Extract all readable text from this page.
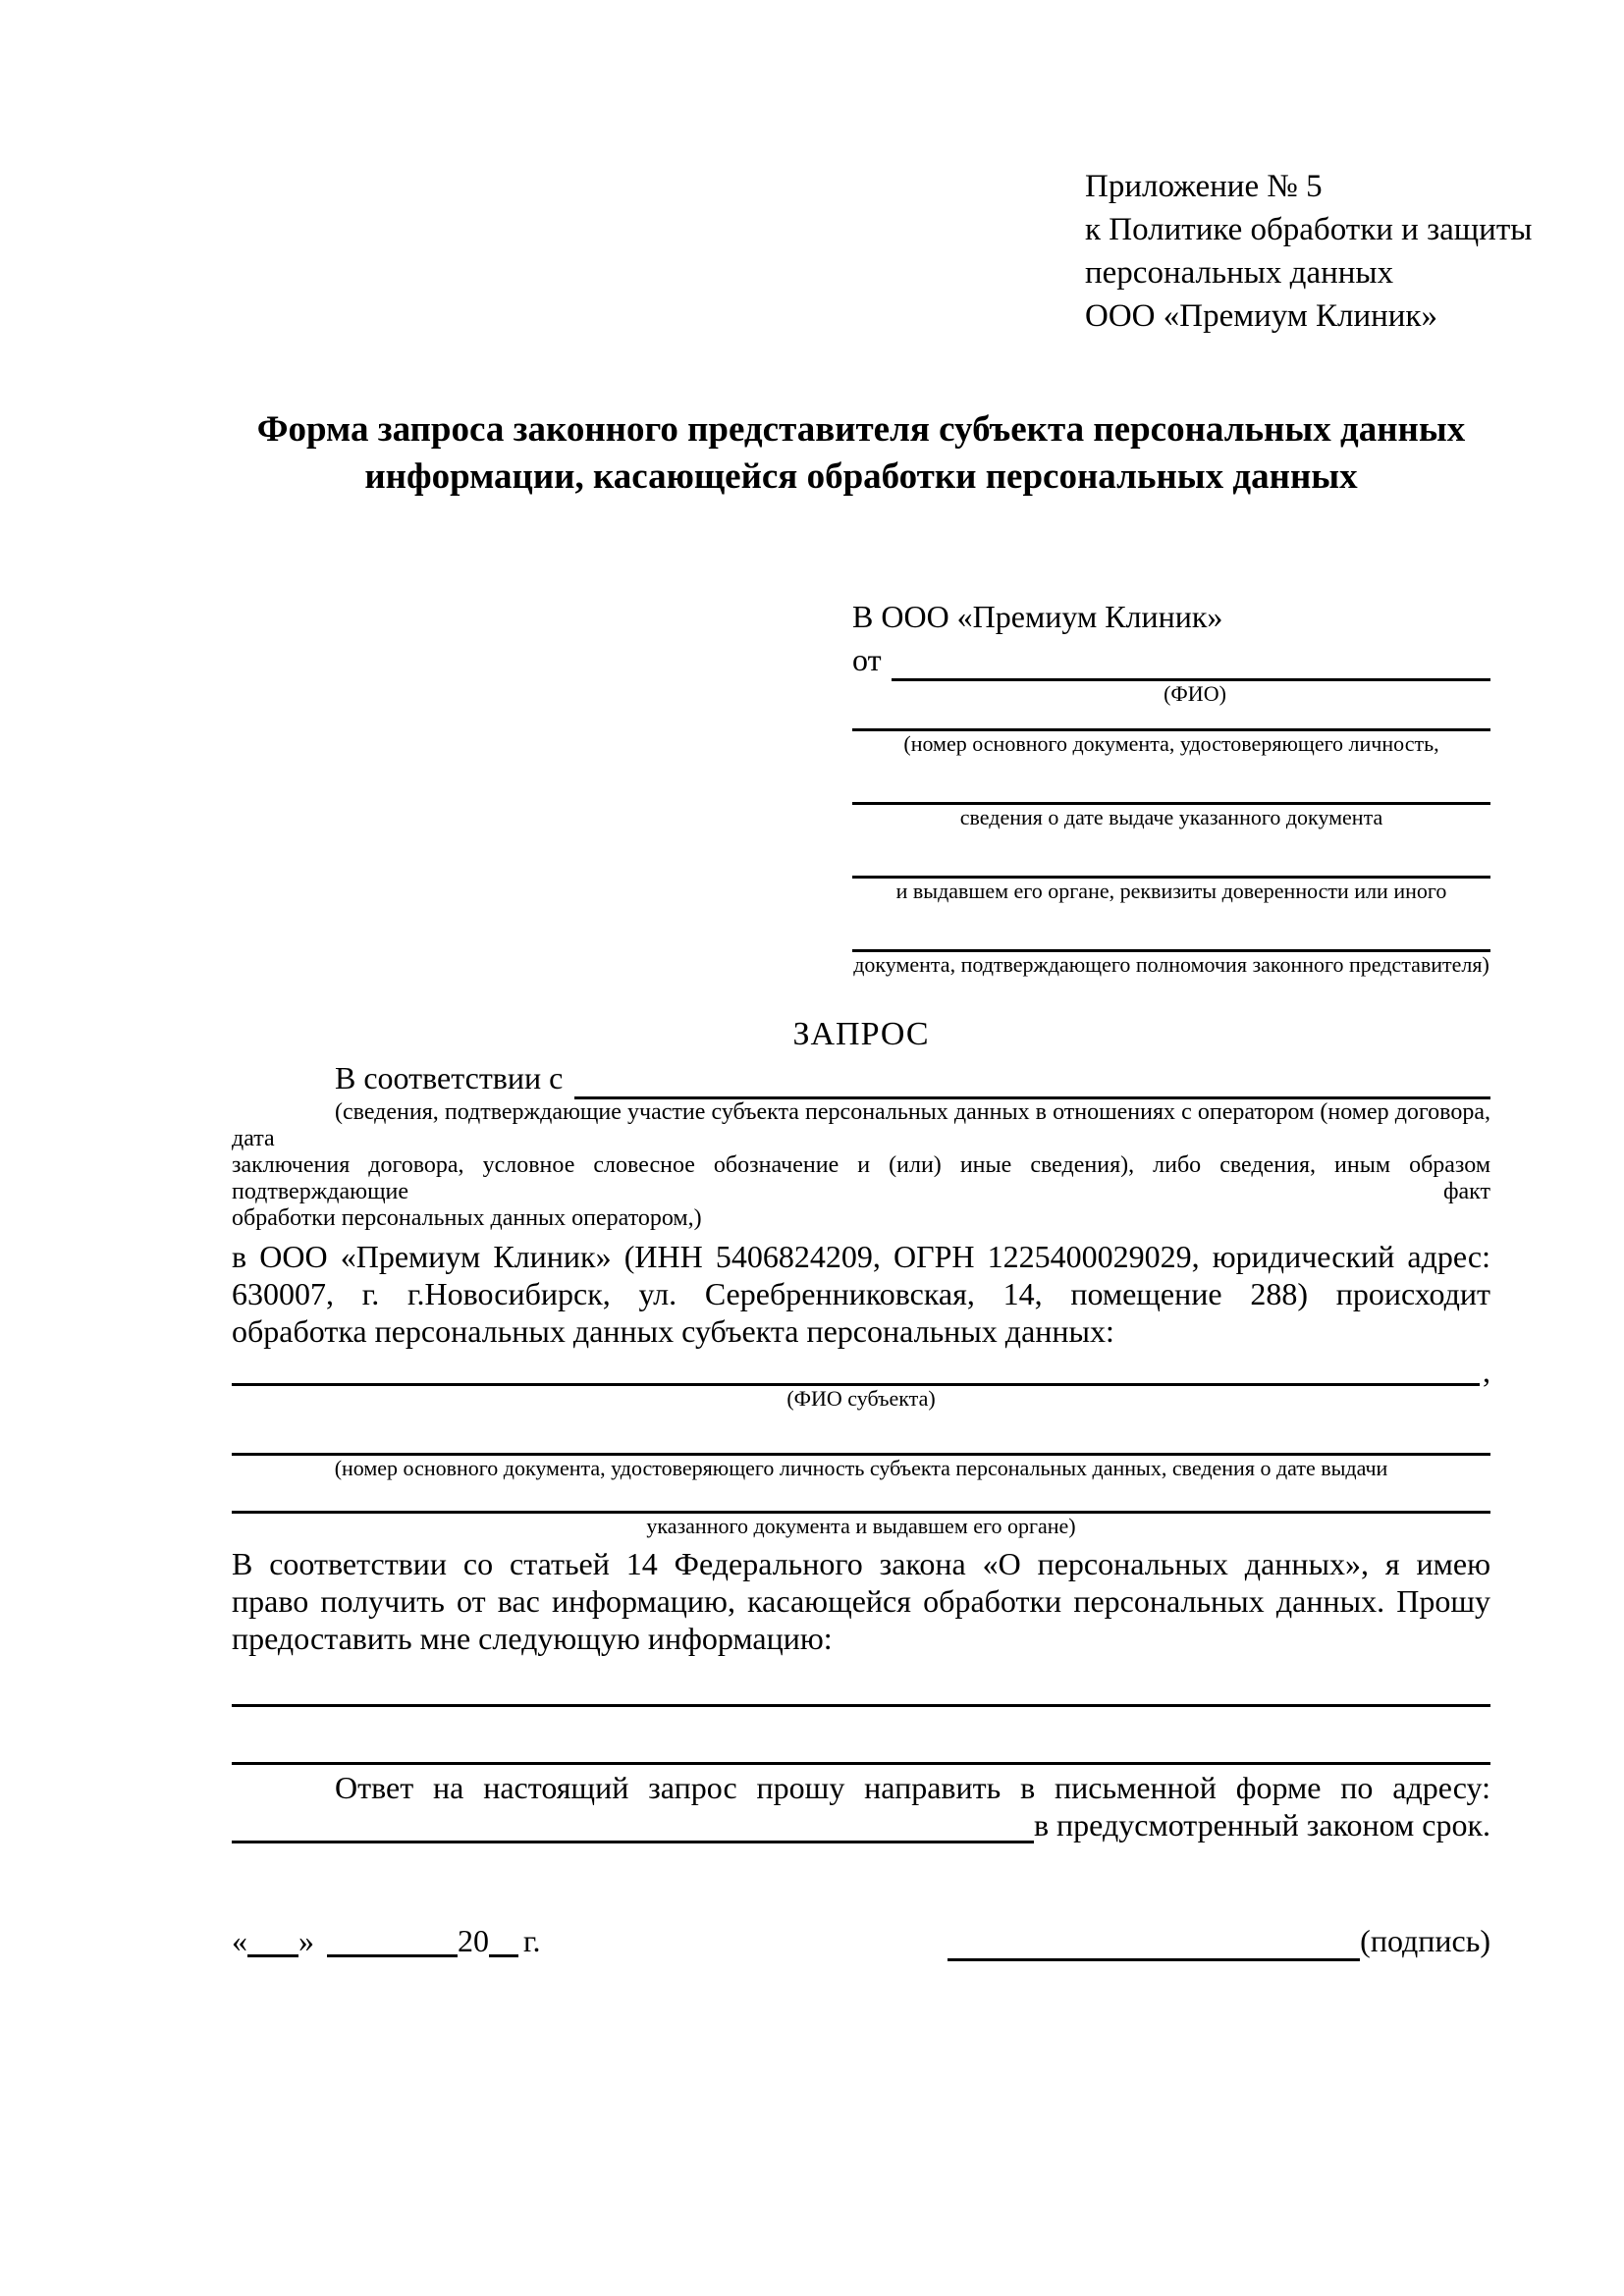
Приложение № 5
к Политике обработки и защиты
персональных данных
ООО «Премиум Клиник»
Форма запроса законного представителя субъекта персональных данных
информации, касающейся обработки персональных данных
В ООО «Премиум Клиник»
от
(ФИО)
(номер основного документа, удостоверяющего личность,
сведения о дате выдаче указанного документа
и выдавшем его органе, реквизиты доверенности или иного
документа, подтверждающего полномочия законного представителя)
ЗАПРОС
В соответствии с
(сведения, подтверждающие участие субъекта персональных данных в отношениях с оператором (номер договора, дата
заключения договора, условное словесное обозначение и (или) иные сведения), либо сведения, иным образом подтверждающие факт
обработки персональных данных оператором,)
в ООО «Премиум Клиник» (ИНН 5406824209, ОГРН 1225400029029, юридический адрес:
630007, г. г.Новосибирск, ул. Серебренниковская, 14, помещение 288) происходит
обработка персональных данных субъекта персональных данных:
,
(ФИО субъекта)
(номер основного документа, удостоверяющего личность субъекта персональных данных, сведения о дате выдачи
указанного документа и выдавшем его органе)
В соответствии со статьей 14 Федерального закона «О персональных данных», я имею
право получить от вас информацию, касающейся обработки персональных данных. Прошу
предоставить мне следующую информацию:
Ответ на настоящий запрос прошу направить в письменной форме по адресу:
в предусмотренный законом срок.
« »	20 г.	(подпись)
